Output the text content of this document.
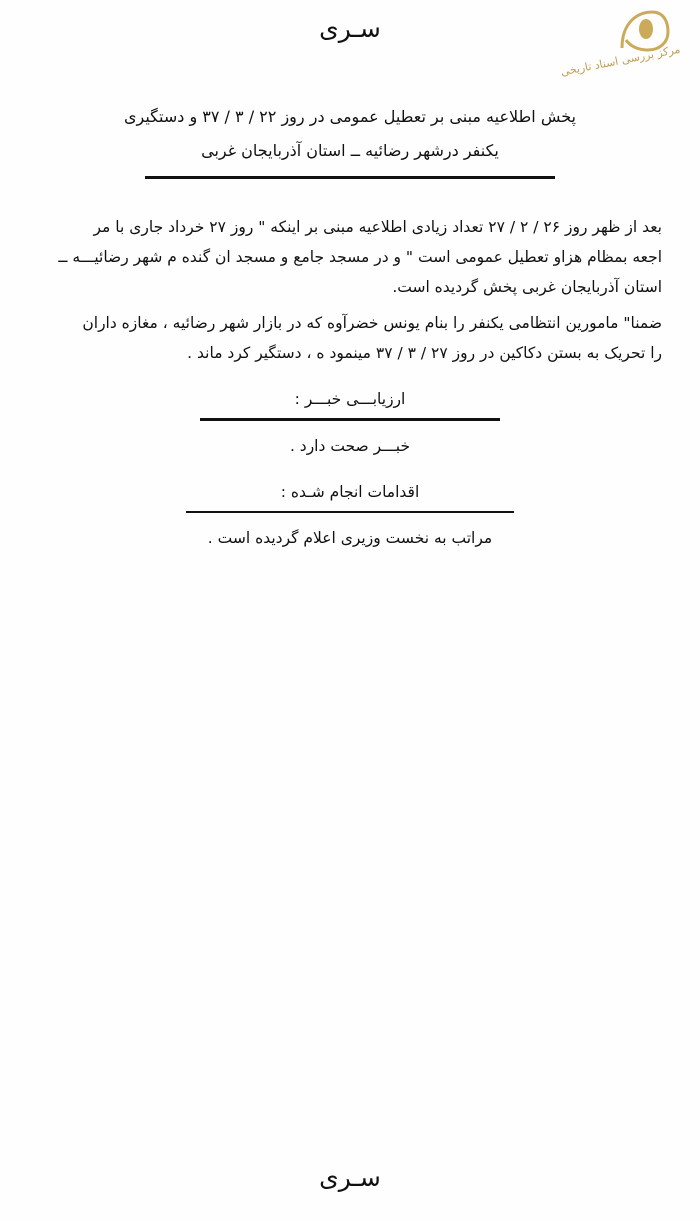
مرکز بررسی اسناد تاریخی
سـری
پخش اطلاعیه مبنی بر تعطیل عمومی در روز ۲۲ / ۳ / ۳۷ و دستگیری
یکنفر درشهر رضائیه ــ استان آذربایجان غربی
بعد از ظهر روز ۲۶ / ۲ / ۲۷ تعداد زیادی اطلاعیه مبنی بر اینکه " روز ۲۷ خرداد جاری با مر
اجعه بمظام هزاو تعطیل عمومی است " و در مسجد جامع و مسجد ان گنده م شهر رضائیـــه ــ
استان آذربایجان غربی پخش گردیده است.
ضمنا" مامورین انتظامی یکنفر را بنام یونس خضرآوه که در بازار شهر رضائیه ، مغازه داران
را تحریک به بستن دکاکین در روز ۲۷ / ۳ / ۳۷ مینمود ه ، دستگیر کرد ماند .
ارزیابـــی خبـــر :
خبـــر صحت دارد .
اقدامات انجام شـده :
مراتب به نخست وزیری اعلام گردیده است .
سـری
